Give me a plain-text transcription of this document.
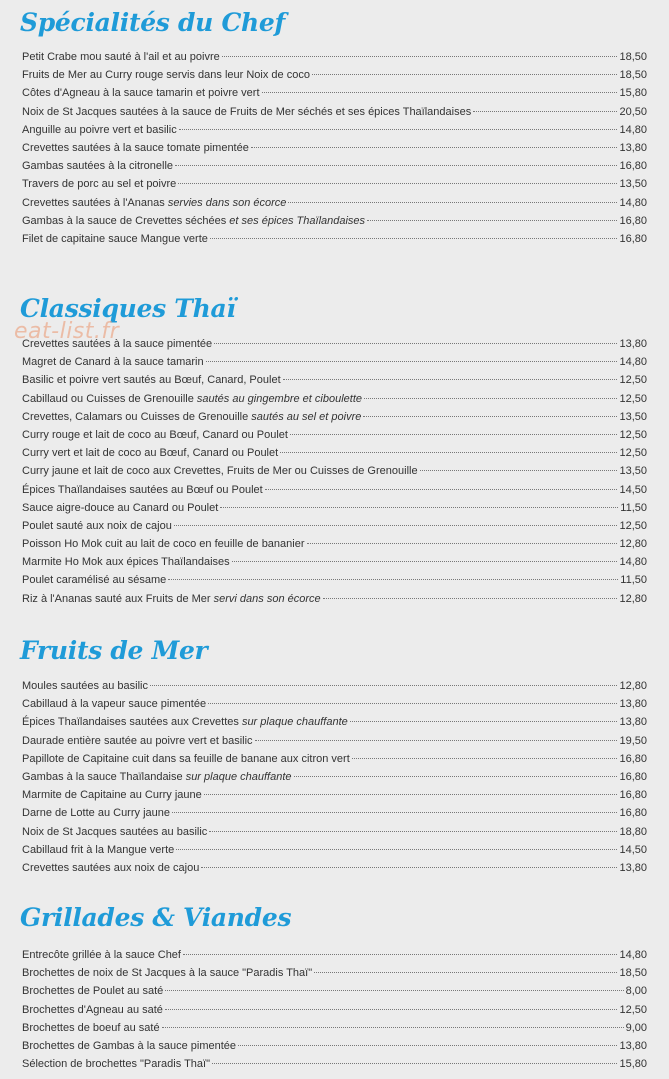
Spécialités du Chef
Petit Crabe mou sauté à l'ail et au poivre	18,50
Fruits de Mer au Curry rouge servis dans leur Noix de coco	18,50
Côtes d'Agneau à la sauce tamarin et poivre vert	15,80
Noix de St Jacques sautées à la sauce de Fruits de Mer séchés et ses épices Thaïlandaises	20,50
Anguille au poivre vert et basilic	14,80
Crevettes sautées à la sauce tomate pimentée	13,80
Gambas sautées à la citronelle	16,80
Travers de porc au sel et poivre	13,50
Crevettes sautées à l'Ananas servies dans son écorce	14,80
Gambas à la sauce de Crevettes séchées et ses épices Thaïlandaises	16,80
Filet de capitaine sauce Mangue verte	16,80
Classiques Thaï
Crevettes sautées à la sauce pimentée	13,80
Magret de Canard à la sauce tamarin	14,80
Basilic et poivre vert sautés au Bœuf, Canard, Poulet	12,50
Cabillaud ou Cuisses de Grenouille sautés au gingembre et ciboulette	12,50
Crevettes, Calamars ou Cuisses de Grenouille sautés au sel et poivre	13,50
Curry rouge et lait de coco au Bœuf, Canard ou Poulet	12,50
Curry vert et lait de coco au Bœuf, Canard ou Poulet	12,50
Curry jaune et lait de coco aux Crevettes, Fruits de Mer ou Cuisses de Grenouille	13,50
Épices Thaïlandaises sautées au Bœuf ou Poulet	14,50
Sauce aigre-douce au Canard ou Poulet	11,50
Poulet sauté aux noix de cajou	12,50
Poisson Ho Mok cuit au lait de coco en feuille de bananier	12,80
Marmite Ho Mok aux épices Thaïlandaises	14,80
Poulet caramélisé au sésame	11,50
Riz à l'Ananas sauté aux Fruits de Mer servi dans son écorce	12,80
Fruits de Mer
Moules sautées au basilic	12,80
Cabillaud à la vapeur sauce pimentée	13,80
Épices Thaïlandaises sautées aux Crevettes sur plaque chauffante	13,80
Daurade entière sautée au poivre vert et basilic	19,50
Papillote de Capitaine cuit dans sa feuille de banane aux citron vert	16,80
Gambas à la sauce Thaïlandaise sur plaque chauffante	16,80
Marmite de Capitaine au Curry jaune	16,80
Darne de Lotte au Curry jaune	16,80
Noix de St Jacques sautées au basilic	18,80
Cabillaud frit à la Mangue verte	14,50
Crevettes sautées aux noix de cajou	13,80
Grillades & Viandes
Entrecôte grillée à la sauce Chef	14,80
Brochettes de noix de St Jacques à la sauce "Paradis Thaï"	18,50
Brochettes de Poulet au saté	8,00
Brochettes d'Agneau au saté	12,50
Brochettes de boeuf au saté	9,00
Brochettes de Gambas à la sauce pimentée	13,80
Sélection de brochettes "Paradis Thaï"	15,80
eat-list.fr
